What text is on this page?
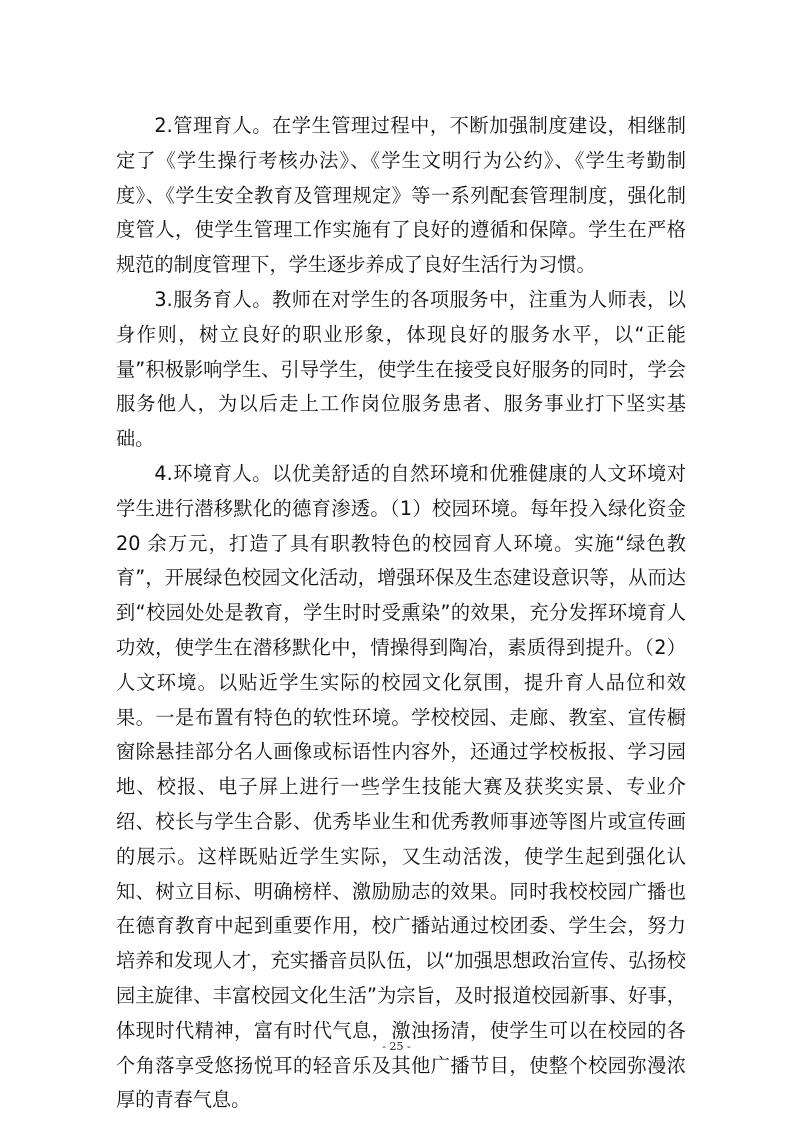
2.管理育人。在学生管理过程中，不断加强制度建设，相继制定了《学生操行考核办法》、《学生文明行为公约》、《学生考勤制度》、《学生安全教育及管理规定》等一系列配套管理制度，强化制度管人，使学生管理工作实施有了良好的遵循和保障。学生在严格规范的制度管理下，学生逐步养成了良好生活行为习惯。

3.服务育人。教师在对学生的各项服务中，注重为人师表，以身作则，树立良好的职业形象，体现良好的服务水平，以“正能量”积极影响学生、引导学生，使学生在接受良好服务的同时，学会服务他人，为以后走上工作岗位服务患者、服务事业打下坚实基础。

4.环境育人。以优美舒适的自然环境和优雅健康的人文环境对学生进行潜移默化的德育渗透。（1）校园环境。每年投入绿化资金 20 余万元，打造了具有职教特色的校园育人环境。实施“绿色教育”，开展绿色校园文化活动，增强环保及生态建设意识等，从而达到“校园处处是教育，学生时时受熏染”的效果，充分发挥环境育人功效，使学生在潜移默化中，情操得到陶冶，素质得到提升。（2）人文环境。以贴近学生实际的校园文化氛围，提升育人品位和效果。一是布置有特色的软性环境。学校校园、走廊、教室、宣传橱窗除悬挂部分名人画像或标语性内容外，还通过学校板报、学习园地、校报、电子屏上进行一些学生技能大赛及获奖实景、专业介绍、校长与学生合影、优秀毕业生和优秀教师事迹等图片或宣传画的展示。这样既贴近学生实际，又生动活泼，使学生起到强化认知、树立目标、明确榜样、激励励志的效果。同时我校校园广播也在德育教育中起到重要作用，校广播站通过校团委、学生会，努力培养和发现人才，充实播音员队伍，以“加强思想政治宣传、弘扬校园主旋律、丰富校园文化生活”为宗旨，及时报道校园新事、好事，体现时代精神，富有时代气息，激浊扬清，使学生可以在校园的各个角落享受悠扬悦耳的轻音乐及其他广播节目，使整个校园弥漫浓厚的青春气息。

- 25 -
